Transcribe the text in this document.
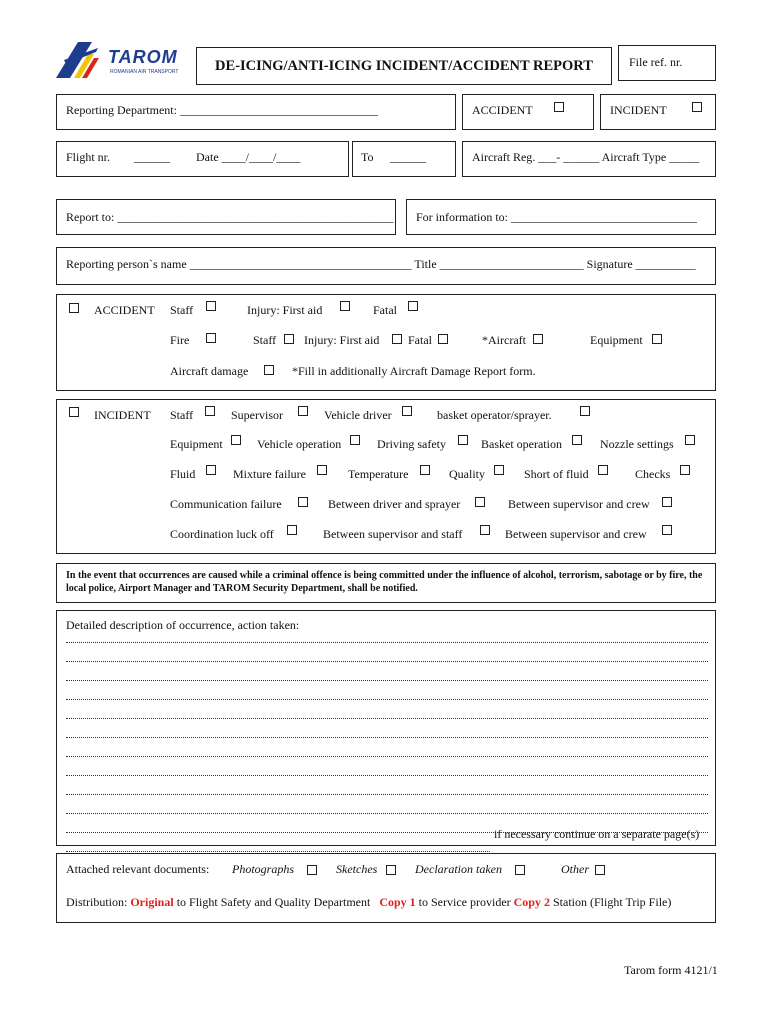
TAROM
ROMANIAN AIR TRANSPORT	DE-ICING/ANTI-ICING INCIDENT/ACCIDENT REPORT	File ref. nr.
Reporting Department: _________________________________	ACCIDENT	INCIDENT
Flight nr. ______ Date ____/____/____	To ______	Aircraft Reg. ___- ______ Aircraft Type _____
Report to: ______________________________________________ For information to: _______________________________
Reporting person`s name _____________________________________ Title ________________________ Signature __________
ACCIDENT Staff	Injury: First aid	Fatal
Fire	Staff Injury: First aid Fatal	*Aircraft	Equipment
Aircraft damage	*Fill in additionally Aircraft Damage Report form.
INCIDENT Staff	Supervisor	Vehicle driver	basket operator/sprayer.
Equipment	Vehicle operation	Driving safety	Basket operation	Nozzle settings
Fluid	Mixture failure	Temperature	Quality	Short of fluid	Checks
Communication failure	Between driver and sprayer	Between supervisor and crew
Coordination luck off	Between supervisor and staff	Between supervisor and crew
In the event that occurrences are caused while a criminal offence is being committed under the influence of alcohol, terrorism, sabotage or by fire, the local police, Airport Manager and TAROM Security Department, shall be notified.
Detailed description of occurrence, action taken:
if necessary continue on a separate page(s)
Attached relevant documents: Photographs	Sketches	Declaration taken	Other
Distribution: Original to Flight Safety and Quality Department   Copy 1 to Service provider Copy 2 Station (Flight Trip File)
Tarom form 4121/1
